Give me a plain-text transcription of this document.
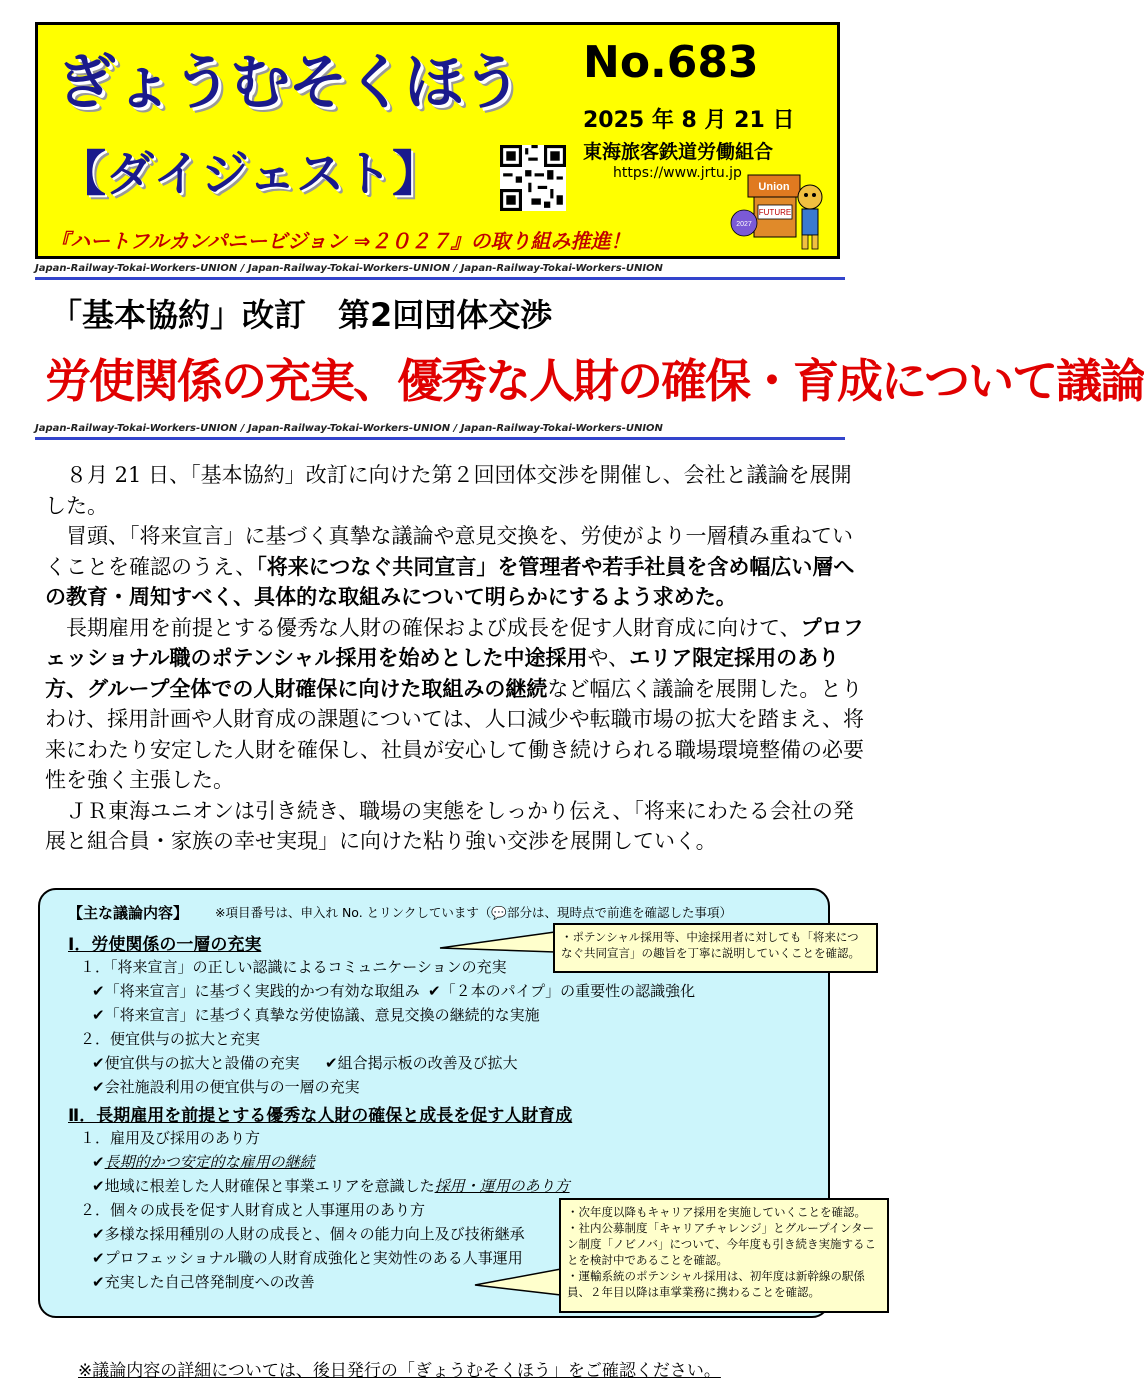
ぎょうむそくほう
【ダイジェスト】
No.683
2025 年 8 月 21 日
東海旅客鉄道労働組合
https://www.jrtu.jp
Union
FUTURE
2027
『ハートフルカンパニービジョン ⇒２０２７』の取り組み推進！
Japan-Railway-Tokai-Workers-UNION / Japan-Railway-Tokai-Workers-UNION / Japan-Railway-Tokai-Workers-UNION
「基本協約」改訂　第2回団体交渉
労使関係の充実、優秀な人財の確保・育成について議論
Japan-Railway-Tokai-Workers-UNION / Japan-Railway-Tokai-Workers-UNION / Japan-Railway-Tokai-Workers-UNION

８月 21 日、「基本協約」改訂に向けた第２回団体交渉を開催し、会社と議論を展開した。

冒頭、「将来宣言」に基づく真摯な議論や意見交換を、労使がより一層積み重ねていくことを確認のうえ、「将来につなぐ共同宣言」を管理者や若手社員を含め幅広い層への教育・周知すべく、具体的な取組みについて明らかにするよう求めた。

長期雇用を前提とする優秀な人財の確保および成長を促す人財育成に向けて、プロフェッショナル職のポテンシャル採用を始めとした中途採用や、エリア限定採用のあり方、グループ全体での人財確保に向けた取組みの継続など幅広く議論を展開した。とりわけ、採用計画や人財育成の課題については、人口減少や転職市場の拡大を踏まえ、将来にわたり安定した人財を確保し、社員が安心して働き続けられる職場環境整備の必要性を強く主張した。

ＪＲ東海ユニオンは引き続き、職場の実態をしっかり伝え、「将来にわたる会社の発展と組合員・家族の幸せ実現」に向けた粘り強い交渉を展開していく。

【主な議論内容】 ※項目番号は、申入れ No. とリンクしています（💬部分は、現時点で前進を確認した事項）
Ⅰ．労使関係の一層の充実
１．「将来宣言」の正しい認識によるコミュニケーションの充実
✔「将来宣言」に基づく実践的かつ有効な取組み ✔「２本のパイプ」の重要性の認識強化
✔「将来宣言」に基づく真摯な労使協議、意見交換の継続的な実施
２．便宜供与の拡大と充実
✔便宜供与の拡大と設備の充実 ✔組合掲示板の改善及び拡大
✔会社施設利用の便宜供与の一層の充実
Ⅱ．長期雇用を前提とする優秀な人財の確保と成長を促す人財育成
１．雇用及び採用のあり方
✔長期的かつ安定的な雇用の継続
✔地域に根差した人財確保と事業エリアを意識した採用・運用のあり方
２．個々の成長を促す人財育成と人事運用のあり方
✔多様な採用種別の人財の成長と、個々の能力向上及び技術継承
✔プロフェッショナル職の人財育成強化と実効性のある人事運用
✔充実した自己啓発制度への改善

・ポテンシャル採用等、中途採用者に対しても「将来につなぐ共同宣言」の趣旨を丁寧に説明していくことを確認。

・次年度以降もキャリア採用を実施していくことを確認。

・社内公募制度「キャリアチャレンジ」とグループインターン制度「ノビノバ」について、今年度も引き続き実施することを検討中であることを確認。

・運輸系統のポテンシャル採用は、初年度は新幹線の駅係員、２年目以降は車掌業務に携わることを確認。

※議論内容の詳細については、後日発行の「ぎょうむそくほう」をご確認ください。
